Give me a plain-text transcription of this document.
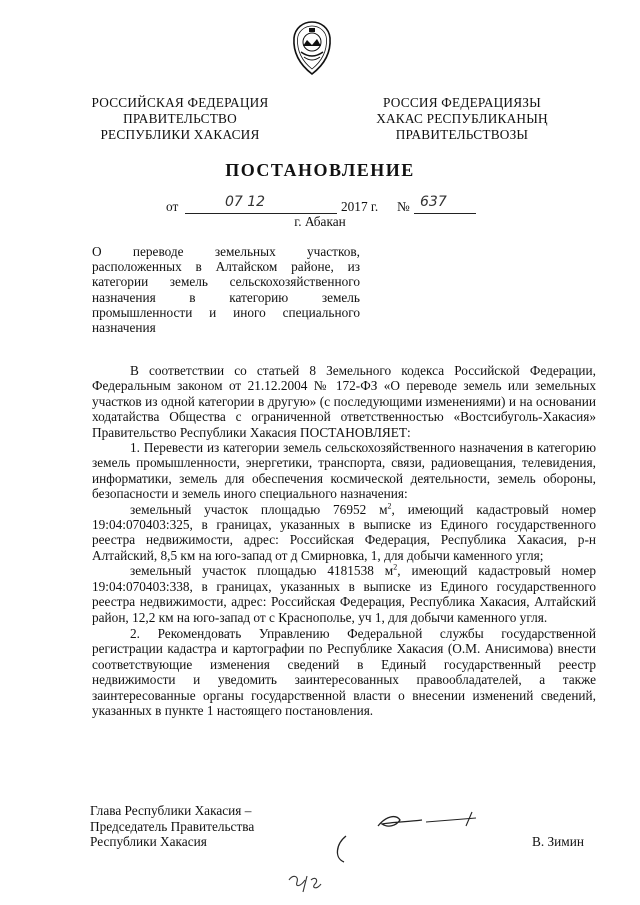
РОССИЙСКАЯ ФЕДЕРАЦИЯ
ПРАВИТЕЛЬСТВО
РЕСПУБЛИКИ ХАКАСИЯ
РОССИЯ ФЕДЕРАЦИЯЗЫ
ХАКАС РЕСПУБЛИКАНЫҢ
ПРАВИТЕЛЬСТВОЗЫ
ПОСТАНОВЛЕНИЕ
от	07 12	2017 г. № 637
г. Абакан
О переводе земельных участков, расположенных в Алтайском районе, из категории земель сельскохозяйственного назначения в категорию земель промышленности и иного специального назначения

В соответствии со статьей 8 Земельного кодекса Российской Федерации, Федеральным законом от 21.12.2004 № 172-ФЗ «О переводе земель или земельных участков из одной категории в другую» (с последующими изменениями) и на основании ходатайства Общества с ограниченной ответственностью «Востсибуголь-Хакасия» Правительство Республики Хакасия ПОСТАНОВЛЯЕТ:

1. Перевести из категории земель сельскохозяйственного назначения в категорию земель промышленности, энергетики, транспорта, связи, радиовещания, телевидения, информатики, земель для обеспечения космической деятельности, земель обороны, безопасности и земель иного специального назначения:

земельный участок площадью 76952 $м^2$, имеющий кадастровый номер 19:04:070403:325, в границах, указанных в выписке из Единого государственного реестра недвижимости, адрес: Российская Федерация, Республика Хакасия, р-н Алтайский, 8,5 км на юго-запад от д Смирновка, 1, для добычи каменного угля;

земельный участок площадью 4181538 $м^2$, имеющий кадастровый номер 19:04:070403:338, в границах, указанных в выписке из Единого государственного реестра недвижимости, адрес: Российская Федерация, Республика Хакасия, Алтайский район, 12,2 км на юго-запад от с Краснополье, уч 1, для добычи каменного угля.

2. Рекомендовать Управлению Федеральной службы государственной регистрации кадастра и картографии по Республике Хакасия (О.М. Анисимова) внести соответствующие изменения сведений в Единый государственный реестр недвижимости и уведомить заинтересованных правообладателей, а также заинтересованные органы государственной власти о внесении изменений сведений, указанных в пункте 1 настоящего постановления.

Глава Республики Хакасия –
Председатель Правительства
Республики Хакасия	В. Зимин
